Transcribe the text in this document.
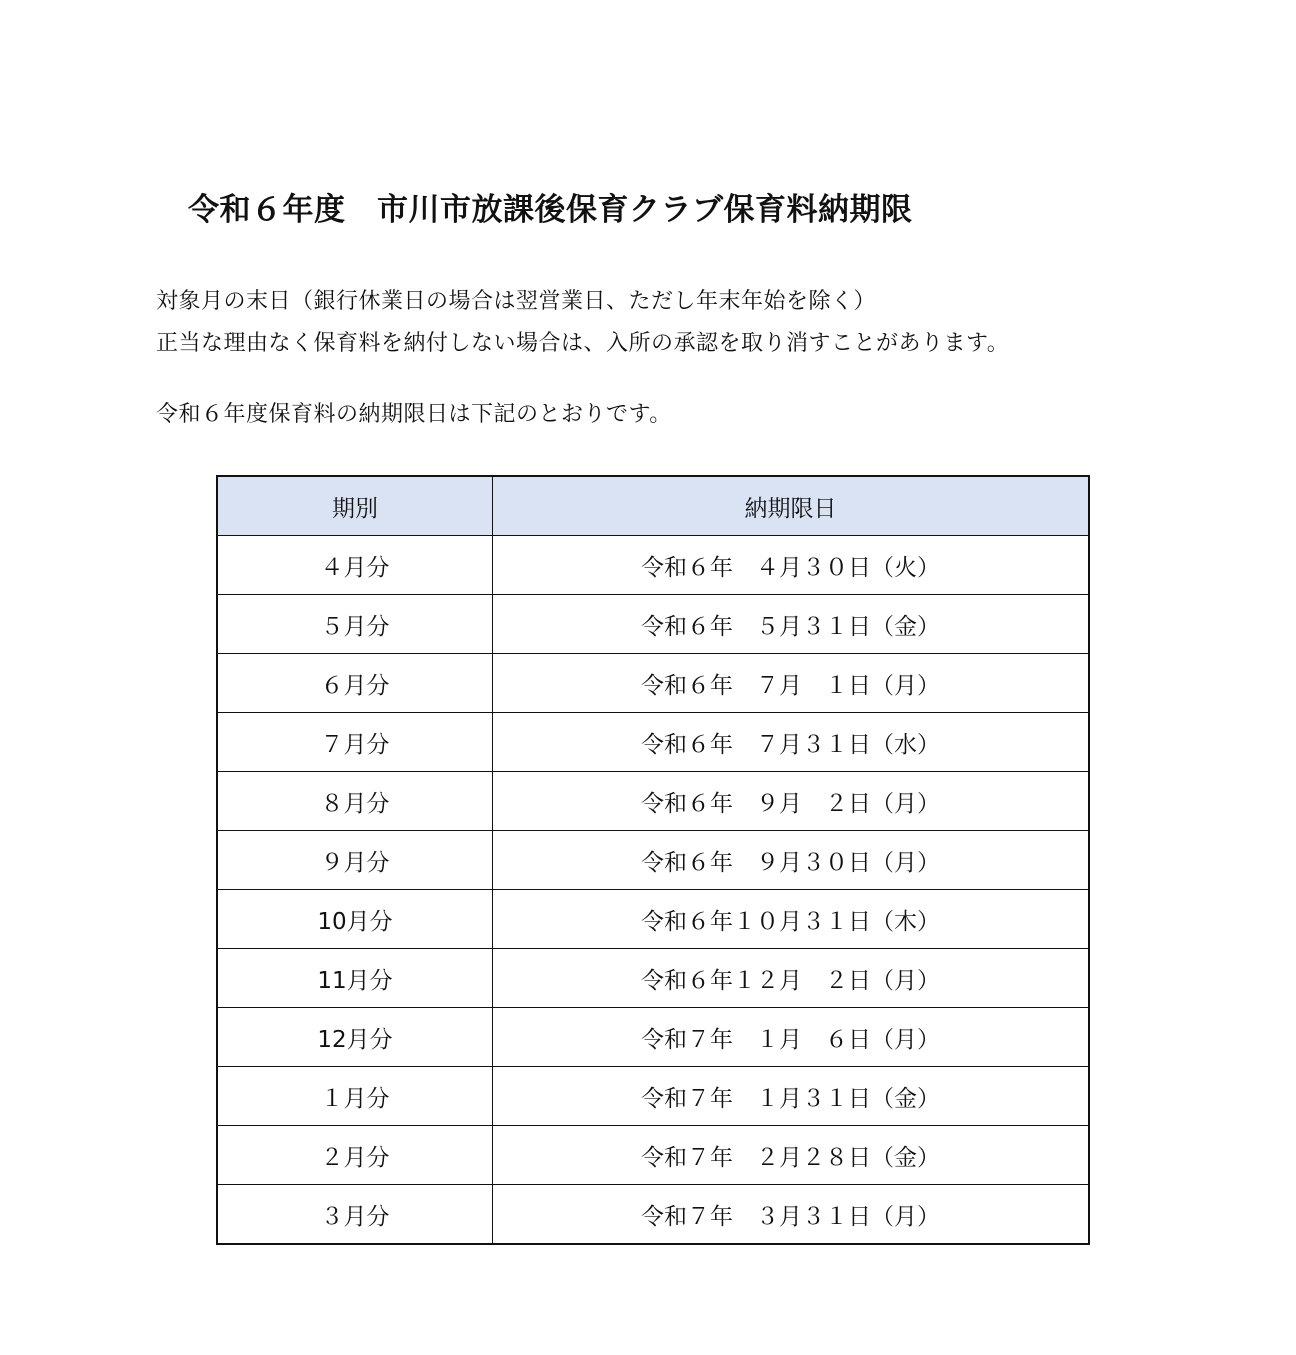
令和６年度　市川市放課後保育クラブ保育料納期限
対象月の末日（銀行休業日の場合は翌営業日、ただし年末年始を除く）
正当な理由なく保育料を納付しない場合は、入所の承認を取り消すことがあります。
令和６年度保育料の納期限日は下記のとおりです。
期別	納期限日
４月分	令和６年　４月３０日（火）
５月分	令和６年　５月３１日（金）
６月分	令和６年　７月　１日（月）
７月分	令和６年　７月３１日（水）
８月分	令和６年　９月　２日（月）
９月分	令和６年　９月３０日（月）
10月分	令和６年１０月３１日（木）
11月分	令和６年１２月　２日（月）
12月分	令和７年　１月　６日（月）
１月分	令和７年　１月３１日（金）
２月分	令和７年　２月２８日（金）
３月分	令和７年　３月３１日（月）
